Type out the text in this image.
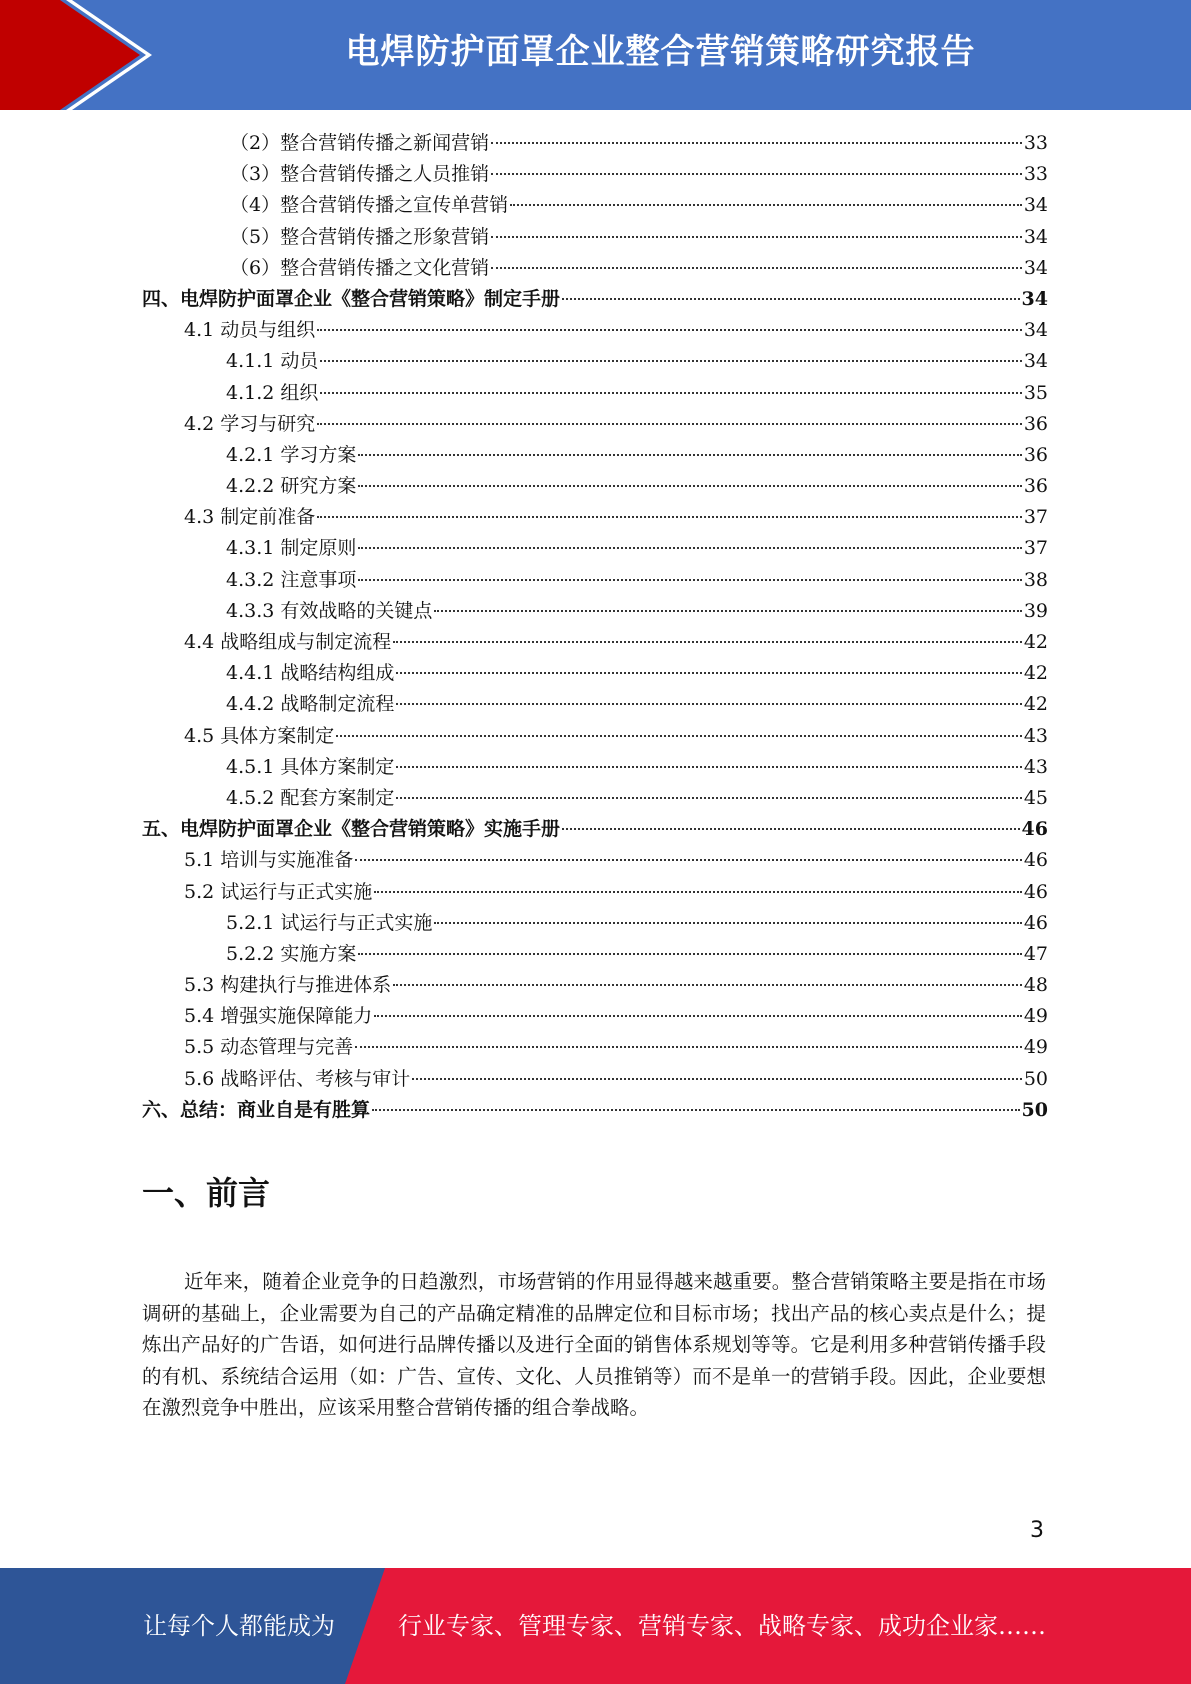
电焊防护面罩企业整合营销策略研究报告
（2）整合营销传播之新闻营销	33
（3）整合营销传播之人员推销	33
（4）整合营销传播之宣传单营销	34
（5）整合营销传播之形象营销	34
（6）整合营销传播之文化营销	34
四、电焊防护面罩企业《整合营销策略》制定手册	34
4.1 动员与组织	34
4.1.1 动员	34
4.1.2 组织	35
4.2 学习与研究	36
4.2.1 学习方案	36
4.2.2 研究方案	36
4.3 制定前准备	37
4.3.1 制定原则	37
4.3.2 注意事项	38
4.3.3 有效战略的关键点	39
4.4 战略组成与制定流程	42
4.4.1 战略结构组成	42
4.4.2 战略制定流程	42
4.5 具体方案制定	43
4.5.1 具体方案制定	43
4.5.2 配套方案制定	45
五、电焊防护面罩企业《整合营销策略》实施手册	46
5.1 培训与实施准备	46
5.2 试运行与正式实施	46
5.2.1 试运行与正式实施	46
5.2.2 实施方案	47
5.3 构建执行与推进体系	48
5.4 增强实施保障能力	49
5.5 动态管理与完善	49
5.6 战略评估、考核与审计	50
六、总结：商业自是有胜算	50
一、前言
近年来，随着企业竞争的日趋激烈，市场营销的作用显得越来越重要。整合营销策略主要是指在市场调研的基础上，企业需要为自己的产品确定精准的品牌定位和目标市场；找出产品的核心卖点是什么；提炼出产品好的广告语，如何进行品牌传播以及进行全面的销售体系规划等等。它是利用多种营销传播手段的有机、系统结合运用（如：广告、宣传、文化、人员推销等）而不是单一的营销手段。因此，企业要想在激烈竞争中胜出，应该采用整合营销传播的组合拳战略。
3
让每个人都能成为	行业专家、管理专家、营销专家、战略专家、成功企业家……
